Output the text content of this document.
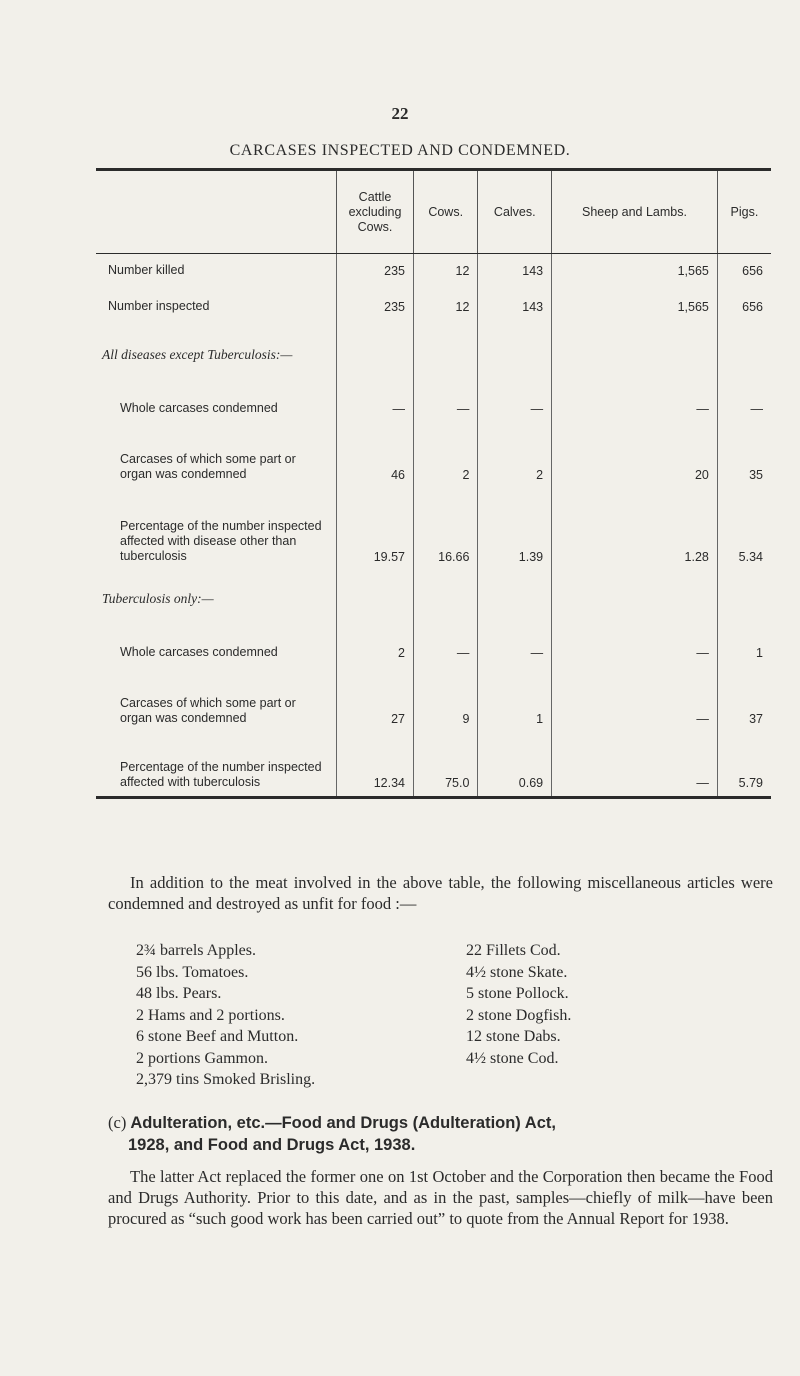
22
CARCASES INSPECTED AND CONDEMNED.
	Cattle excluding Cows.	Cows.	Calves.	Sheep and Lambs.	Pigs.
Number killed	235	12	143	1,565	656
Number inspected	235	12	143	1,565	656
All diseases except Tuberculosis:—					
Whole carcases condemned	—	—	—	—	—
Carcases of which some part or organ was condemned	46	2	2	20	35
Percentage of the number inspected affected with disease other than tuberculosis	19.57	16.66	1.39	1.28	5.34
Tuberculosis only:—					
Whole carcases condemned	2	—	—	—	1
Carcases of which some part or organ was condemned	27	9	1	—	37
Percentage of the number inspected affected with tuberculosis	12.34	75.0	0.69	—	5.79
In addition to the meat involved in the above table, the following miscellaneous articles were condemned and destroyed as unfit for food :—
2¾ barrels Apples.
56 lbs. Tomatoes.
48 lbs. Pears.
2 Hams and 2 portions.
6 stone Beef and Mutton.
2 portions Gammon.
2,379 tins Smoked Brisling.
22 Fillets Cod.
4½ stone Skate.
5 stone Pollock.
2 stone Dogfish.
12 stone Dabs.
4½ stone Cod.
(c) Adulteration, etc.—Food and Drugs (Adulteration) Act,
1928, and Food and Drugs Act, 1938.
The latter Act replaced the former one on 1st October and the Corporation then became the Food and Drugs Authority. Prior to this date, and as in the past, samples—chiefly of milk—have been procured as “such good work has been carried out” to quote from the Annual Report for 1938.
